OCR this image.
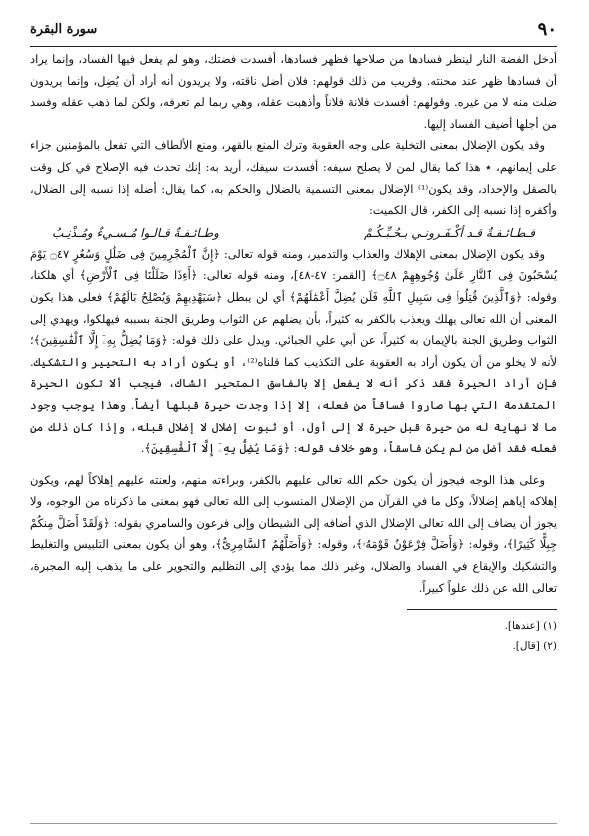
٩٠
سورة البقرة

أدخل الفضة النار لينظر فسادها من صلاحها فظهر فسادها، أفسدت فضتك، وهو لم يفعل فيها الفساد، وإنما يراد أن فسادها ظهر عند محنته. وقريب من ذلك قولهم: فلان أضل ناقته، ولا يريدون أنه أراد أن يُضِل، وإنما يريدون ضلت منه لا من غيره. وقولهم: أفسدت فلانة فلاناً وأذهبت عقله، وهي ربما لم تعرفه، ولكن لما ذهب عقله وفسد من أجلها أضيف الفساد إليها.

وقد يكون الإضلال بمعنى التخلية على وجه العقوبة وترك المنع بالقهر، ومنع الألطاف التي تفعل بالمؤمنين جزاء على إيمانهم، ٭ هذا كما يقال لمن لا يصلح سيفه: أفسدت سيفك، أريد به: إنك تحدث فيه الإصلاح في كل وقت بالصقل والإحداد، وقد يكون⁽¹⁾ الإضلال بمعنى التسمية بالضلال والحكم به، كما يقال: أضله إذا نسبه إلى الضلال، وأكفره إذا نسبه إلى الكفر، قال الكميت:

فـطـائـفـةٌ قـد أكْـفَـرونـي بـحُـبِّـكُـمْ
وطـائـفـةٌ قـالـوا مُـسـيءٌ ومُـذْنِـبُ

وقد يكون الإضلال بمعنى الإهلاك والعذاب والتدمير، ومنه قوله تعالى: ﴿إِنَّ ٱلْمُجْرِمِينَ فِى ضَلَٰلٍ وَسُعُرٍ ۝٤٧ يَوْمَ يُسْحَبُونَ فِى ٱلنَّارِ عَلَىٰ وُجُوهِهِمْ ۝٤٨﴾ [القمر: ٤٧-٤٨]، ومنه قوله تعالى: ﴿أَءِذَا ضَلَلْنَا فِى ٱلْأَرْضِ﴾ أي هلكنا، وقوله: ﴿وَٱلَّذِينَ قُتِلُوا۟ فِى سَبِيلِ ٱللَّهِ فَلَن يُضِلَّ أَعْمَٰلَهُمْ﴾ أي لن يبطل ﴿سَيَهْدِيهِمْ وَيُصْلِحُ بَالَهُمْ﴾ فعلى هذا يكون المعنى أن الله تعالى يهلك ويعذب بالكفر به كثيراً، بأن يضلهم عن الثواب وطريق الجنة بسببه فيهلكوا، ويهدي إلى الثواب وطريق الجنة بالإيمان به كثيراً، عن أبي علي الجبائي. ويدل على ذلك قوله: ﴿وَمَا يُضِلُّ بِهِۦٓ إِلَّا ٱلْفَٰسِقِينَ﴾؛ لأنه لا يخلو من أن يكون أراد به العقوبة على التكذيب كما قلناه⁽²⁾، أو يكون أراد به التحيير والتشكيك. فإن أراد الحيرة فقد ذكر أنه لا يفعل إلا بالفاسق المتحير الشاك، فيجب ألا تكون الحيرة المتقدمة التي بها صاروا فساقاً من فعله، إلا إذا وجدت حيرة قبلها أيضاً. وهذا يوجب وجود ما لا نهاية له من حيرة قبل حيرة لا إلى أول، أو ثبوت إضلال لا إضلال قبله، وإذا كان ذلك من فعله فقد أضل من لم يكن فاسقاً، وهو خلاف قوله: ﴿وَمَا يُضِلُّ بِهِۦٓ إِلَّا ٱلْفَٰسِقِينَ﴾.

وعلى هذا الوجه فيجوز أن يكون حكم الله تعالى عليهم بالكفر، وبراءته منهم، ولعنته عليهم إهلاكاً لهم، ويكون إهلاكه إياهم إضلالاً، وكل ما في القرآن من الإضلال المنسوب إلى الله تعالى فهو بمعنى ما ذكرناه من الوجوه، ولا يجوز أن يضاف إلى الله تعالى الإضلال الذي أضافه إلى الشيطان وإلى فرعون والسامري بقوله: ﴿وَلَقَدْ أَضَلَّ مِنكُمْ جِبِلًّا كَثِيرًا﴾، وقوله: ﴿وَأَضَلَّ فِرْعَوْنُ قَوْمَهُۥ﴾، وقوله: ﴿وَأَضَلَّهُمُ ٱلسَّامِرِىُّ﴾، وهو أن يكون بمعنى التلبيس والتغليط والتشكيك والإيقاع في الفساد والضلال، وغير ذلك مما يؤدي إلى التظليم والتجوير على ما يذهب إليه المجبرة، تعالى الله عن ذلك علواً كبيراً.

(١) [عندها].

(٢) [قال].
